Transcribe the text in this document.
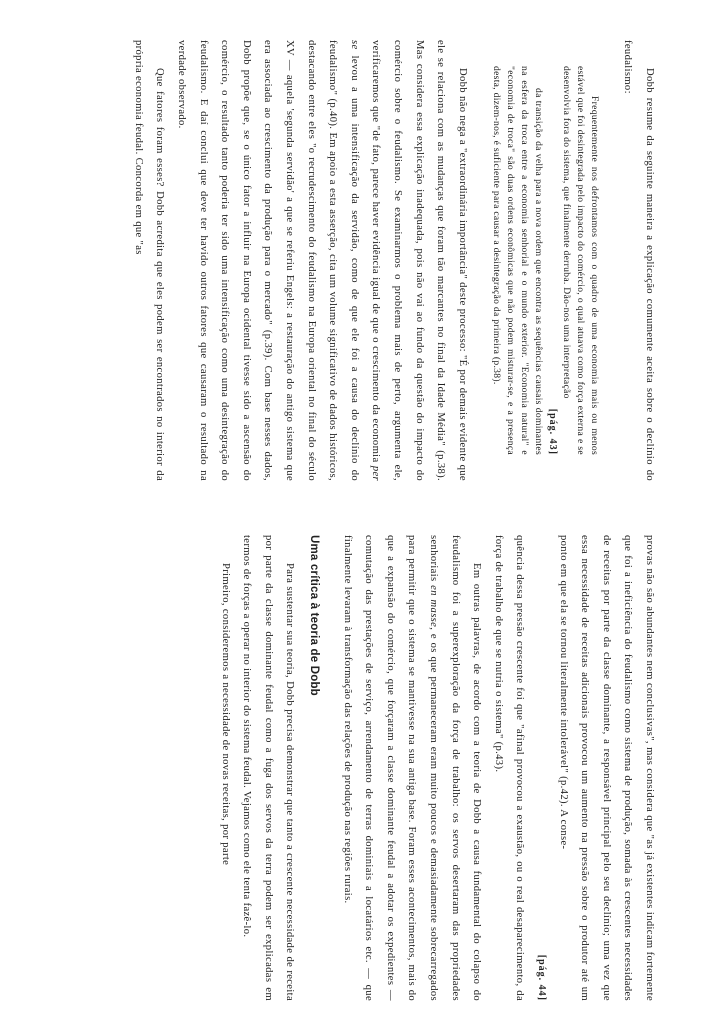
Dobb resume da seguinte maneira a explicação comumente aceita sobre o declínio do feudalismo:

Frequentemente nos defrontamos com o quadro de uma economia mais ou menos estável que foi desintegrada pelo impacto do comércio, o qual atuava como força externa e se desenvolvia fora do sistema, que finalmente derruba. Dão-nos uma interpretação

[pág. 43]

da transição da velha para a nova ordem que encontra as sequências causais dominantes na esfera da troca entre a economia senhorial e o mundo exterior. "Economia natural" e "economia de troca" são duas ordens econômicas que não podem misturar-se, e a presença desta, dizem-nos, é suficiente para causar a desintegração da primeira (p.38).

Dobb não nega a "extraordinária importância" deste processo: "É por demais evidente que ele se relaciona com as mudanças que foram tão marcantes no final da Idade Média" (p.38). Mas considera essa explicação inadequada, pois não vai ao fundo da questão do impacto do comércio sobre o feudalismo. Se examinarmos o problema mais de perto, argumenta ele, verificaremos que "de fato, parece haver evidência igual de que o crescimento da economia per se levou a uma intensificação da servidão, como de que ele foi a causa do declínio do feudalismo" (p.40). Em apoio a esta asserção, cita um volume significativo de dados históricos, destacando entre eles "o recrudescimento do feudalismo na Europa oriental no final do século XV — aquela 'segunda servidão' a que se referiu Engels: a restauração do antigo sistema que era associada ao crescimento da produção para o mercado" (p.39). Com base nesses dados, Dobb propõe que, se o único fator a influir na Europa ocidental tivesse sido a ascensão do comércio, o resultado tanto poderia ter sido uma intensificação como uma desintegração do feudalismo. E daí conclui que deve ter havido outros fatores que causaram o resultado na verdade observado.

Que fatores foram esses? Dobb acredita que eles podem ser encontrados no interior da própria economia feudal. Concorda em que "as

provas não são abundantes nem conclusivas", mas considera que "as já existentes indicam fortemente que foi a ineficiência do feudalismo como sistema de produção, somada às crescentes necessidades de receitas por parte da classe dominante, a responsável principal pelo seu declínio; uma vez que essa necessidade de receitas adicionais provocou um aumento na pressão sobre o produtor até um ponto em que ela se tornou literalmente intolerável" (p.42). A conse-

[pág. 44]

quência dessa pressão crescente foi que "afinal provocou a exaustão, ou o real desaparecimento, da força de trabalho de que se nutria o sistema" (p.43).

Em outras palavras, de acordo com a teoria de Dobb a causa fundamental do colapso do feudalismo foi a superexploração da força de trabalho: os servos desertaram das propriedades senhoriais en masse, e os que permaneceram eram muito poucos e demasiadamente sobrecarregados para permitir que o sistema se mantivesse na sua antiga base. Foram esses acontecimentos, mais do que a expansão do comércio, que forçaram a classe dominante feudal a adotar os expedientes — comutação das prestações de serviço, arrendamento de terras dominiais a locatários etc. — que finalmente levaram à transformação das relações de produção nas regiões rurais.

Uma crítica à teoria de Dobb

Para sustentar sua teoria, Dobb precisa demonstrar que tanto a crescente necessidade de receita por parte da classe dominante feudal como a fuga dos servos da terra podem ser explicadas em termos de forças a operar no interior do sistema feudal. Vejamos como ele tenta fazê-lo.

Primeiro, consideremos a necessidade de novas receitas, por parte
